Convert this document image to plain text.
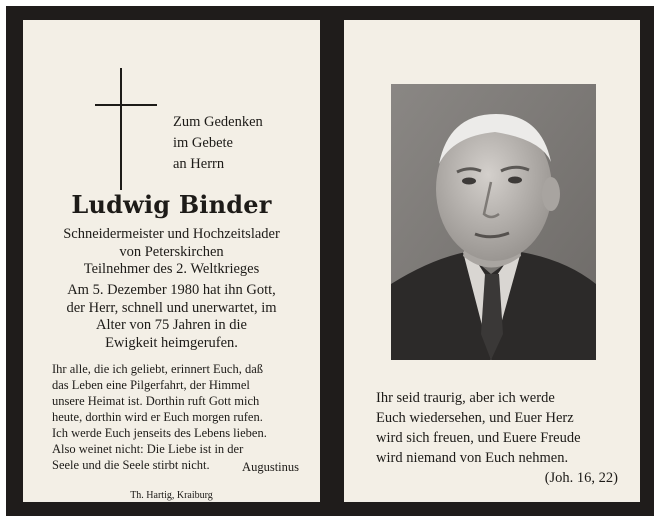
Zum Gedenken
im Gebete
an Herrn
Ludwig Binder
Schneidermeister und Hochzeitslader
von Peterskirchen
Teilnehmer des 2. Weltkrieges
Am 5. Dezember 1980 hat ihn Gott,
der Herr, schnell und unerwartet, im
Alter von 75 Jahren in die
Ewigkeit heimgerufen.
Ihr alle, die ich geliebt, erinnert Euch, daß
das Leben eine Pilgerfahrt, der Himmel
unsere Heimat ist. Dorthin ruft Gott mich
heute, dorthin wird er Euch morgen rufen.
Ich werde Euch jenseits des Lebens lieben.
Also weinet nicht: Die Liebe ist in der
Seele und die Seele stirbt nicht.	Augustinus
Th. Hartig, Kraiburg
Ihr seid traurig, aber ich werde
Euch wiedersehen, und Euer Herz
wird sich freuen, und Euere Freude
wird niemand von Euch nehmen.
(Joh. 16, 22)
